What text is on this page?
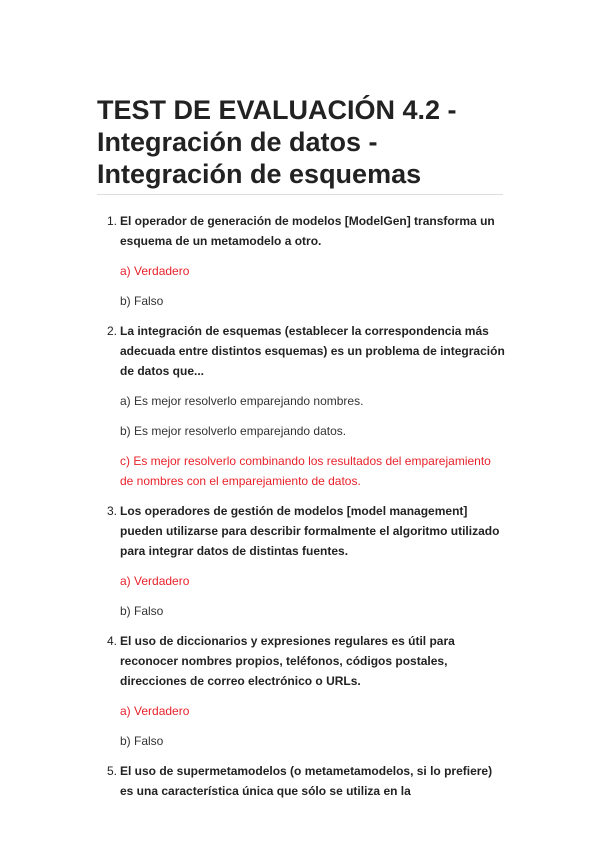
TEST DE EVALUACIÓN 4.2 - Integración de datos - Integración de esquemas
1. El operador de generación de modelos [ModelGen] transforma un esquema de un metamodelo a otro.

a) Verdadero

b) Falso

2. La integración de esquemas (establecer la correspondencia más adecuada entre distintos esquemas) es un problema de integración de datos que...

a) Es mejor resolverlo emparejando nombres.

b) Es mejor resolverlo emparejando datos.

c) Es mejor resolverlo combinando los resultados del emparejamiento de nombres con el emparejamiento de datos.

3. Los operadores de gestión de modelos [model management] pueden utilizarse para describir formalmente el algoritmo utilizado para integrar datos de distintas fuentes.

a) Verdadero

b) Falso

4. El uso de diccionarios y expresiones regulares es útil para reconocer nombres propios, teléfonos, códigos postales, direcciones de correo electrónico o URLs.

a) Verdadero

b) Falso

5. El uso de supermetamodelos (o metametamodelos, si lo prefiere) es una característica única que sólo se utiliza en la
